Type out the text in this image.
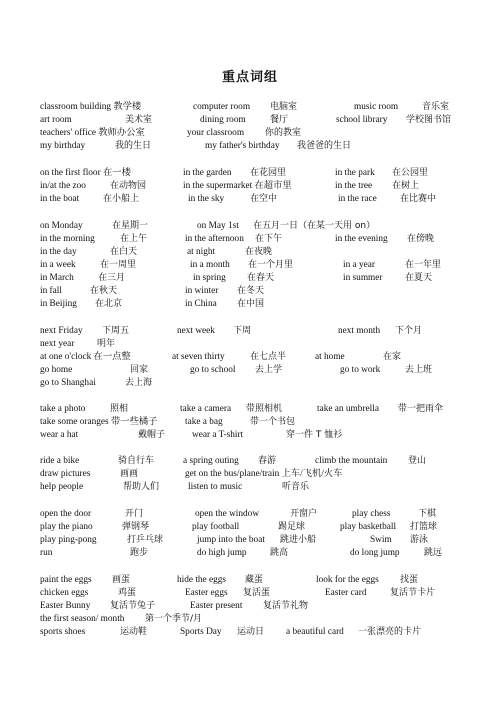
重点词组
classroom building 教学楼	computer room 电脑室	music room	音乐室
art room	美术室	dining room	餐厅	school library 学校图书馆
teachers' office 教师办公室	your classroom 你的教室
my birthday	我的生日	my father's birthday 我爸爸的生日
on the first floor 在一楼	in the garden 在花园里	in the park 在公园里
in/at the zoo	在动物园	in the supermarket 在超市里	in the tree 在树上
in the boat	在小船上	in the sky	在空中	in the race	在比赛中
on Monday	在星期一	on May 1st 在五月一日（在某一天用 on）
in the morning	在上午	in the afternoon 在下午	in the evening 在傍晚
in the day	在白天	at night	在夜晚
in a week	在一周里	in a month 在一个月里	in a year	在一年里
in March	在三月	in spring 在春天	in summer 在夏天
in fall	在秋天	in winter 在冬天
in Beijing 在北京	in China 在中国
next Friday 下周五	next week 下周	next month 下个月
next year	明年
at one o'clock 在一点整	at seven thirty	在七点半	at home	在家
go home	回家	go to school 去上学	go to work	去上班
go to Shanghai	去上海
take a photo	照相	take a camera 带照相机	take an umbrella 带一把雨伞
take some oranges 带一些橘子	take a bag	带一个书包
wear a hat	戴帽子	wear a T-shirt	穿一件 T 恤衫
ride a bike	骑自行车	a spring outing 春游	climb the mountain 登山
draw pictures	画画	get on the bus/plane/train 上车/飞机/火车
help people	帮助人们	listen to music	听音乐
open the door	开门	open the window	开窗户	play chess	下棋
play the piano	弹钢琴	play football	踢足球	play basketball 打篮球
play ping-pong	打乒乓球	jump into the boat 跳进小船	Swim 游泳
run	跑步	do high jump	跳高	do long jump	跳远
paint the eggs 画蛋	hide the eggs 藏蛋	look for the eggs 找蛋
chicken eggs	鸡蛋	Easter eggs 复活蛋	Easter card	复活节卡片
Easter Bunny 复活节兔子	Easter present 复活节礼物
the first season/ month 第一个季节/月
sports shoes	运动鞋	Sports Day 运动日 a beautiful card 一张漂亮的卡片
